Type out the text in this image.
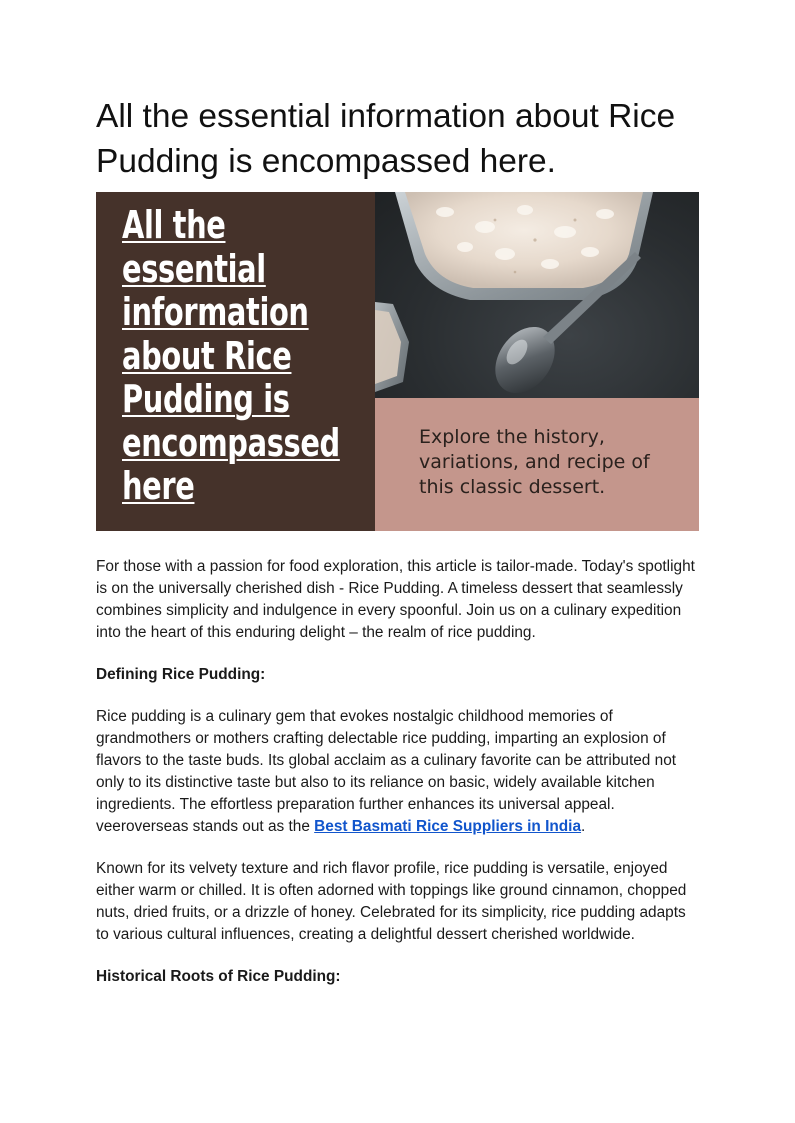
All the essential information about Rice Pudding is encompassed here.

All the essential information about Rice Pudding is encompassed here

Explore the history, variations, and recipe of this classic dessert.

For those with a passion for food exploration, this article is tailor-made. Today's spotlight is on the universally cherished dish - Rice Pudding. A timeless dessert that seamlessly combines simplicity and indulgence in every spoonful. Join us on a culinary expedition into the heart of this enduring delight – the realm of rice pudding.

Defining Rice Pudding:

Rice pudding is a culinary gem that evokes nostalgic childhood memories of grandmothers or mothers crafting delectable rice pudding, imparting an explosion of flavors to the taste buds. Its global acclaim as a culinary favorite can be attributed not only to its distinctive taste but also to its reliance on basic, widely available kitchen ingredients. The effortless preparation further enhances its universal appeal. veeroverseas stands out as the Best Basmati Rice Suppliers in India.

Known for its velvety texture and rich flavor profile, rice pudding is versatile, enjoyed either warm or chilled. It is often adorned with toppings like ground cinnamon, chopped nuts, dried fruits, or a drizzle of honey. Celebrated for its simplicity, rice pudding adapts to various cultural influences, creating a delightful dessert cherished worldwide.

Historical Roots of Rice Pudding:
